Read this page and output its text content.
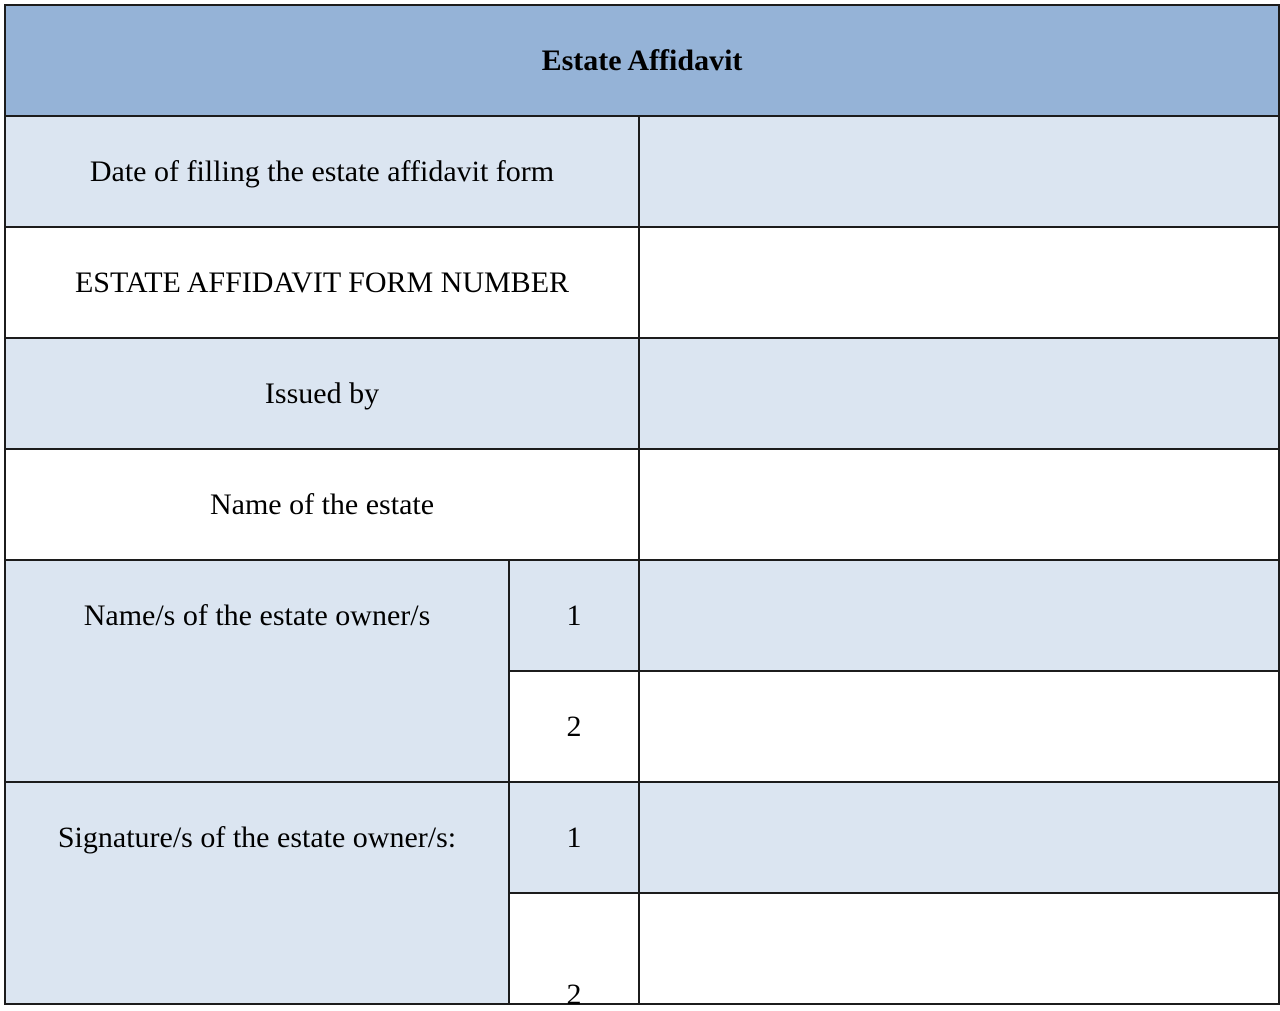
Estate Affidavit		
Date of filling the estate affidavit form		
ESTATE AFFIDAVIT FORM NUMBER		
Issued by		
Name of the estate		
Name/s of the estate owner/s	1	
	2	
Signature/s of the estate owner/s:	1	
	2	
